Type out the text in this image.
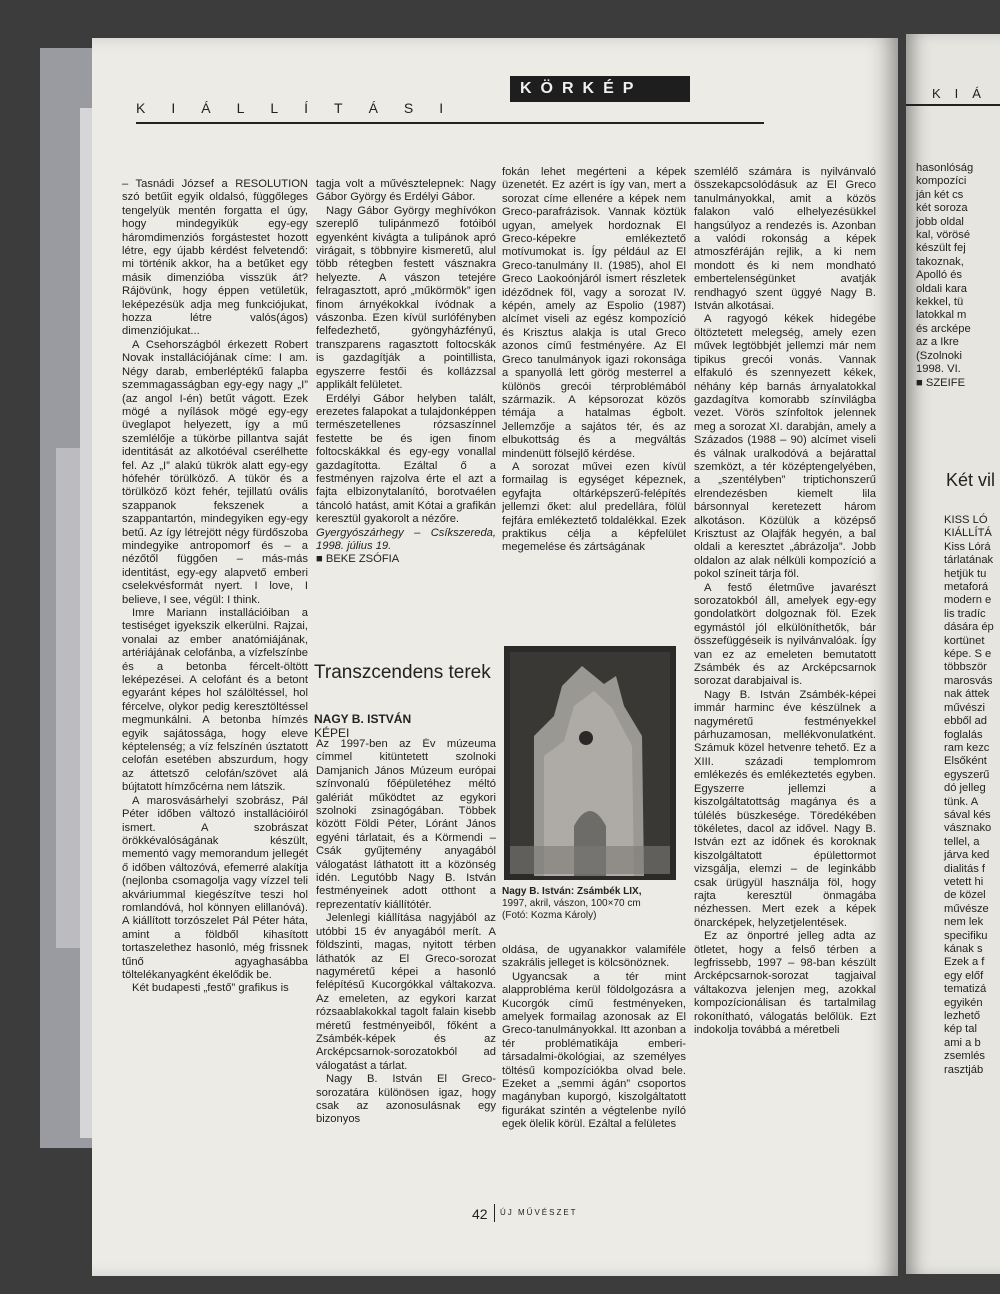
KIÁLLÍTÁSI
KÖRKÉP

– Tasnádi József a RESOLUTION szó betűit egyik oldalsó, függőleges tengelyük mentén forgatta el úgy, hogy mindegyikük egy-egy háromdimenziós forgástestet hozott létre, egy újabb kérdést felvetendő: mi történik akkor, ha a betűket egy másik dimenzióba visszük át? Rájövünk, hogy éppen vetületük, leképezésük adja meg funkciójukat, hozza létre valós(ágos) dimenziójukat...

A Csehországból érkezett Robert Novak installációjának címe: I am. Négy darab, emberléptékű falapba szemmagasságban egy-egy nagy „I” (az angol I-én) betűt vágott. Ezek mögé a nyílások mögé egy-egy üveglapot helyezett, így a mű szemlélője a tükörbe pillantva saját identitását az alkotóéval cserélhette fel. Az „I” alakú tükrök alatt egy-egy hófehér törülköző. A tükör és a törülköző közt fehér, tejillatú ovális szappanok fekszenek a szappantartón, mindegyiken egy-egy betű. Az így létrejött négy fürdőszoba mindegyike antropomorf és – a nézőtől függően – más-más identitást, egy-egy alapvető emberi cselekvésformát nyert. I love, I believe, I see, végül: I think.

Imre Mariann installációiban a testiséget igyekszik elkerülni. Rajzai, vonalai az ember anatómiájának, artériájának celofánba, a vízfelszínbe és a betonba fércelt-öltött leképezései. A celofánt és a betont egyaránt képes hol szálöltéssel, hol fércelve, olykor pedig keresztöltéssel megmunkálni. A betonba hímzés egyik sajátossága, hogy eleve képtelenség; a víz felszínén úsztatott celofán esetében abszurdum, hogy az áttetsző celofán/szövet alá bújtatott hímzőcérna nem látszik.

A marosvásárhelyi szobrász, Pál Péter időben változó installációiról ismert. A szobrászat örökkévalóságának készült, mementó vagy memorandum jellegét ő időben változóvá, efemerré alakítja (nejlonba csomagolja vagy vízzel teli akváriummal kiegészítve teszi hol romlandóvá, hol könnyen elillanóvá). A kiállított torzószelet Pál Péter háta, amint a földből kihasított tortaszelethez hasonló, még frissnek tűnő agyaghasábba töltelékanyagként ékelődik be.

Két budapesti „festő” grafikus is

tagja volt a művésztelepnek: Nagy Gábor György és Erdélyi Gábor.

Nagy Gábor György meghívókon szereplő tulipánmező fotóiból egyenként kivágta a tulipánok apró virágait, s többnyire kismeretű, alul több rétegben festett vásznakra helyezte. A vászon tetejére felragasztott, apró „műkörmök” igen finom árnyékokkal ívódnak a vászonba. Ezen kívül surlófényben felfedezhető, gyöngyházfényű, transzparens ragasztott foltocskák is gazdagítják a pointillista, egyszerre festői és kollázzsal applikált felületet.

Erdélyi Gábor helyben talált, erezetes falapokat a tulajdonképpen természetellenes rózsaszínnel festette be és igen finom foltocskákkal és egy-egy vonallal gazdagította. Ezáltal ő a festményen rajzolva érte el azt a fajta elbizonytalanító, borotvaélen táncoló hatást, amit Kótai a grafikán keresztül gyakorolt a nézőre.

Gyergyószárhegy – Csíkszereda, 1998. július 19.

■ BEKE ZSÓFIA

Transzcendens terek
NAGY B. ISTVÁN
KÉPEI

Az 1997-ben az Év múzeuma címmel kitüntetett szolnoki Damjanich János Múzeum európai színvonalú főépületéhez méltó galériát működtet az egykori szolnoki zsinagógában. Többek között Földi Péter, Lóránt János egyéni tárlatait, és a Körmendi – Csák gyűjtemény anyagából válogatást láthatott itt a közönség idén. Legutóbb Nagy B. István festményeinek adott otthont a reprezentatív kiállítótér.

Jelenlegi kiállítása nagyjából az utóbbi 15 év anyagából merít. A földszinti, magas, nyitott térben láthatók az El Greco-sorozat nagyméretű képei a hasonló felépítésű Kucorgókkal váltakozva. Az emeleten, az egykori karzat rózsaablakokkal tagolt falain kisebb méretű festményeiből, főként a Zsámbék-képek és az Arcképcsarnok-sorozatokból ad válogatást a tárlat.

Nagy B. István El Greco-sorozatára különösen igaz, hogy csak az azonosulásnak egy bizonyos

fokán lehet megérteni a képek üzenetét. Ez azért is így van, mert a sorozat címe ellenére a képek nem Greco-parafrázisok. Vannak köztük ugyan, amelyek hordoznak El Greco-képekre emlékeztető motívumokat is. Így például az El Greco-tanulmány II. (1985), ahol El Greco Laokoónjáról ismert részletek idéződnek föl, vagy a sorozat IV. képén, amely az Espolio (1987) alcímet viseli az egész kompozíció és Krisztus alakja is utal Greco azonos című festményére. Az El Greco tanulmányok igazi rokonsága a spanyollá lett görög mesterrel a különös grecói térproblémából származik. A képsorozat közös témája a hatalmas égbolt. Jellemzője a sajátos tér, és az elbukottság és a megváltás mindenütt fölsejlő kérdése.

A sorozat művei ezen kívül formailag is egységet képeznek, egyfajta oltárképszerű-felépítés jellemzi őket: alul predellára, fölül fejfára emlékeztető toldalékkal. Ezek praktikus célja a képfelület megemelése és zártságának

Nagy B. István: Zsámbék LIX,
1997, akril, vászon, 100×70 cm
(Fotó: Kozma Károly)

oldása, de ugyanakkor valamiféle szakrális jelleget is kölcsönöznek.

Ugyancsak a tér mint alapprobléma kerül földolgozásra a Kucorgók című festményeken, amelyek formailag azonosak az El Greco-tanulmányokkal. Itt azonban a tér problématikája emberi-társadalmi-ökológiai, az személyes töltésű kompozíciókba olvad bele. Ezeket a „semmi ágán” csoportos magányban kuporgó, kiszolgáltatott figurákat szintén a végtelenbe nyíló egek ölelik körül. Ezáltal a felületes

szemlélő számára is nyilvánvaló összekapcsolódásuk az El Greco tanulmányokkal, amit a közös falakon való elhelyezésükkel hangsúlyoz a rendezés is. Azonban a valódi rokonság a képek atmoszféráján rejlik, a ki nem mondott és ki nem mondható embertelenségünket avatják rendhagyó szent üggyé Nagy B. István alkotásai.

A ragyogó kékek hidegébe öltöztetett melegség, amely ezen művek legtöbbjét jellemzi már nem tipikus grecói vonás. Vannak elfakuló és szennyezett kékek, néhány kép barnás árnyalatokkal gazdagítva komorabb színvilágba vezet. Vörös színfoltok jelennek meg a sorozat XI. darabján, amely a Százados (1988 – 90) alcímet viseli és válnak uralkodóvá a bejárattal szemközt, a tér középtengelyében, a „szentélyben” triptichonszerű elrendezésben kiemelt lila bársonnyal keretezett három alkotáson. Közülük a középső Krisztust az Olajfák hegyén, a bal oldali a keresztet „ábrázolja”. Jobb oldalon az alak nélküli kompozíció a pokol színeit tárja föl.

A festő életműve javarészt sorozatokból áll, amelyek egy-egy gondolatkört dolgoznak föl. Ezek egymástól jól elkülöníthetők, bár összefüggéseik is nyilvánvalóak. Így van ez az emeleten bemutatott Zsámbék és az Arcképcsarnok sorozat darabjaival is.

Nagy B. István Zsámbék-képei immár harminc éve készülnek a nagyméretű festményekkel párhuzamosan, mellékvonulatként. Számuk közel hetvenre tehető. Ez a XIII. századi templomrom emlékezés és emlékeztetés egyben. Egyszerre jellemzi a kiszolgáltatottság magánya és a túlélés büszkesége. Töredékében tökéletes, dacol az idővel. Nagy B. István ezt az időnek és koroknak kiszolgáltatott épülettormot vizsgálja, elemzi – de leginkább csak ürügyül használja föl, hogy rajta keresztül önmagába nézhessen. Mert ezek a képek önarcképek, helyzetjelentések.

Ez az önportré jelleg adta az ötletet, hogy a felső térben a legfrissebb, 1997 – 98-ban készült Arcképcsarnok-sorozat tagjaival váltakozva jelenjen meg, azokkal kompozícionálisan és tartalmilag rokonítható, válogatás belőlük. Ezt indokolja továbbá a méretbeli

42 ÚJ MŰVÉSZET
KIÁ
hasonlóság
kompozíci
ján két cs
két soroza
jobb oldal
kal, vörösé
készült fej
takoznak,
Apolló és
oldali kara
kekkel, tü
latokkal m
és arcképe
az a Ikre
(Szolnoki
1998. VI.
■ SZEIFE
Két vil
KISS LÓ
KIÁLLÍTÁ
Kiss Lórá
tárlatának
hetjük tu
metaforá
modern e
lis tradíc
dására ép
kortünet
képe. S e
többször
marosvás
nak áttek
művészi
ebből ad
foglalás
ram kezc
Elsőként
egyszerű
dó jelleg
tünk. A
sával kés
vásznako
tellel, a
járva ked
dialitás f
vetett hi
de közel
művésze
nem lek
specifiku
kának s
Ezek a f
egy előf
tematizá
egyikén
lezhető
kép tal
ami a b
zsemlés
rasztjáb
